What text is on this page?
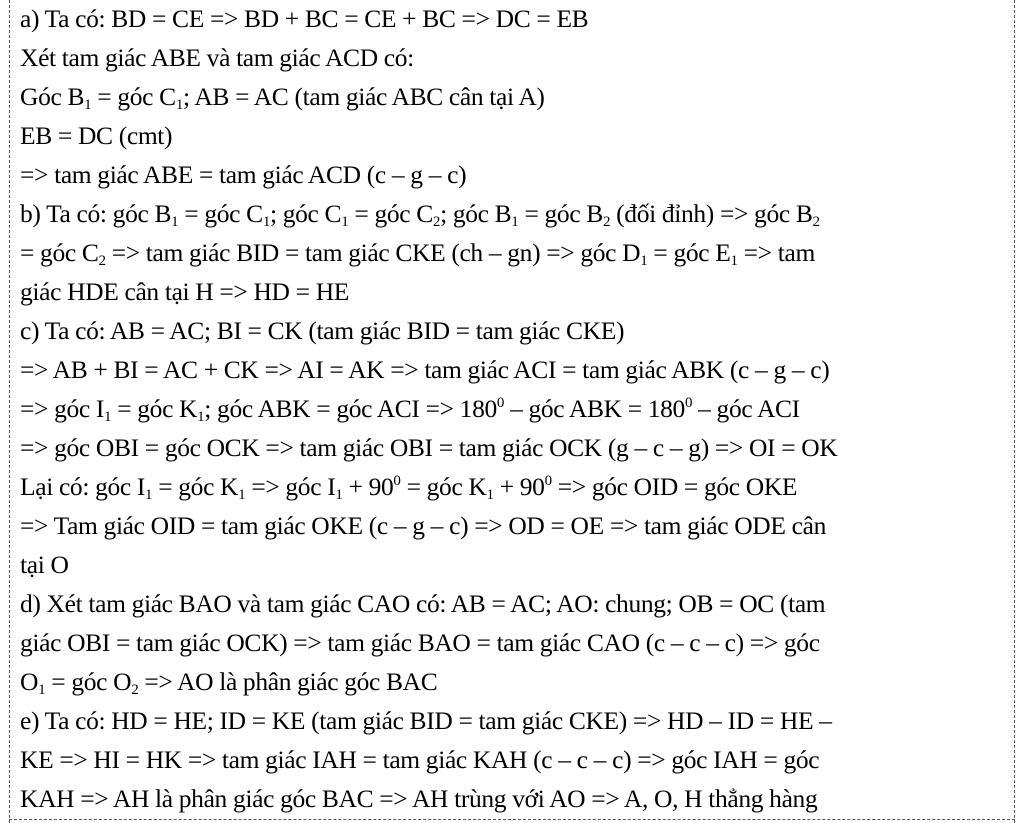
a) Ta có: BD = CE => BD + BC = CE + BC => DC = EB
Xét tam giác ABE và tam giác ACD có:
Góc $B_1$ = góc $C_1$; AB = AC (tam giác ABC cân tại A)
EB = DC (cmt)
=> tam giác ABE = tam giác ACD (c – g – c)
b) Ta có: góc $B_1$ = góc $C_1$; góc $C_1$ = góc $C_2$; góc $B_1$ = góc $B_2$ (đối đỉnh) => góc $B_2$
= góc $C_2$ => tam giác BID = tam giác CKE (ch – gn) => góc $D_1$ = góc $E_1$ => tam
giác HDE cân tại H => HD = HE
c) Ta có: AB = AC; BI = CK (tam giác BID = tam giác CKE)
=> AB + BI = AC + CK => AI = AK => tam giác ACI = tam giác ABK (c – g – c)
=> góc $I_1$ = góc $K_1$; góc ABK = góc ACI => $180^0$ – góc ABK = $180^0$ – góc ACI
=> góc OBI = góc OCK => tam giác OBI = tam giác OCK (g – c – g) => OI = OK
Lại có: góc $I_1$ = góc $K_1$ => góc $I_1 + 90^0$ = góc $K_1 + 90^0$ => góc OID = góc OKE
=> Tam giác OID = tam giác OKE (c – g – c) => OD = OE => tam giác ODE cân
tại O
d) Xét tam giác BAO và tam giác CAO có: AB = AC; AO: chung; OB = OC (tam
giác OBI = tam giác OCK) => tam giác BAO = tam giác CAO (c – c – c) => góc
$O_1$ = góc $O_2$ => AO là phân giác góc BAC
e) Ta có: HD = HE; ID = KE (tam giác BID = tam giác CKE) => HD – ID = HE –
KE => HI = HK => tam giác IAH = tam giác KAH (c – c – c) => góc IAH = góc
KAH => AH là phân giác góc BAC => AH trùng với AO => A, O, H thẳng hàng
